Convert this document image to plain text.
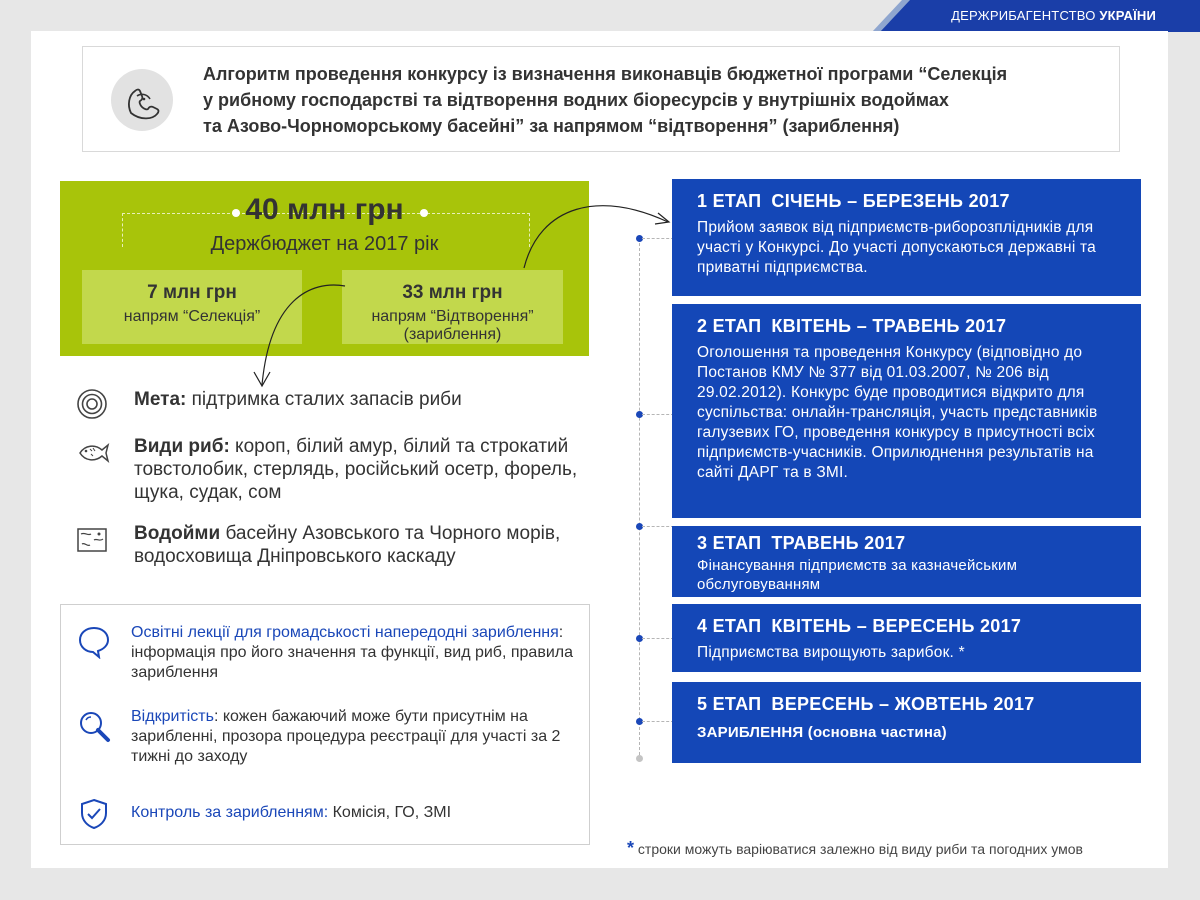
ДЕРЖРИБАГЕНТСТВО УКРАЇНИ
Алгоритм проведення конкурсу із визначення виконавців бюджетної програми “Селекція
у рибному господарстві та відтворення водних біоресурсів у внутрішніх водоймах
та Азово-Чорноморському басейні” за напрямом “відтворення” (зариблення)
40 млн грн
Держбюджет на 2017 рік
7 млн грн
напрям “Селекція”
33 млн грн
напрям “Відтворення”
(зариблення)
Мета: підтримка сталих запасів риби
Види риб: короп, білий амур, білий та строкатий товстолобик, стерлядь, російський осетр, форель, щука, судак, сом
Водойми басейну Азовського та Чорного морів, водосховища Дніпровського каскаду
Освітні лекції для громадськості напередодні зариблення: інформація про його значення та функції, вид риб, правила зариблення
Відкритість: кожен бажаючий може бути присутнім на зарибленні, прозора процедура реєстрації для участі за 2 тижні до заходу
Контроль за зарибленням: Комісія, ГО, ЗМІ
1 ЕТАП СІЧЕНЬ – БЕРЕЗЕНЬ 2017
Прийом заявок від підприємств-риборозплідників для участі у Конкурсі. До участі допускаються державні та приватні підприємства.
2 ЕТАП КВІТЕНЬ – ТРАВЕНЬ 2017
Оголошення та проведення Конкурсу (відповідно до Постанов КМУ № 377 від 01.03.2007, № 206 від 29.02.2012). Конкурс буде проводитися відкрито для суспільства: онлайн-трансляція, участь представників галузевих ГО, проведення конкурсу в присутності всіх підприємств-учасників. Оприлюднення результатів на сайті ДАРГ та в ЗМІ.
3 ЕТАП ТРАВЕНЬ 2017
Фінансування підприємств за казначейським обслуговуванням
4 ЕТАП КВІТЕНЬ – ВЕРЕСЕНЬ 2017
Підприємства вирощують зарибок. *
5 ЕТАП ВЕРЕСЕНЬ – ЖОВТЕНЬ 2017
ЗАРИБЛЕННЯ (основна частина)
* строки можуть варіюватися залежно від виду риби та погодних умов
